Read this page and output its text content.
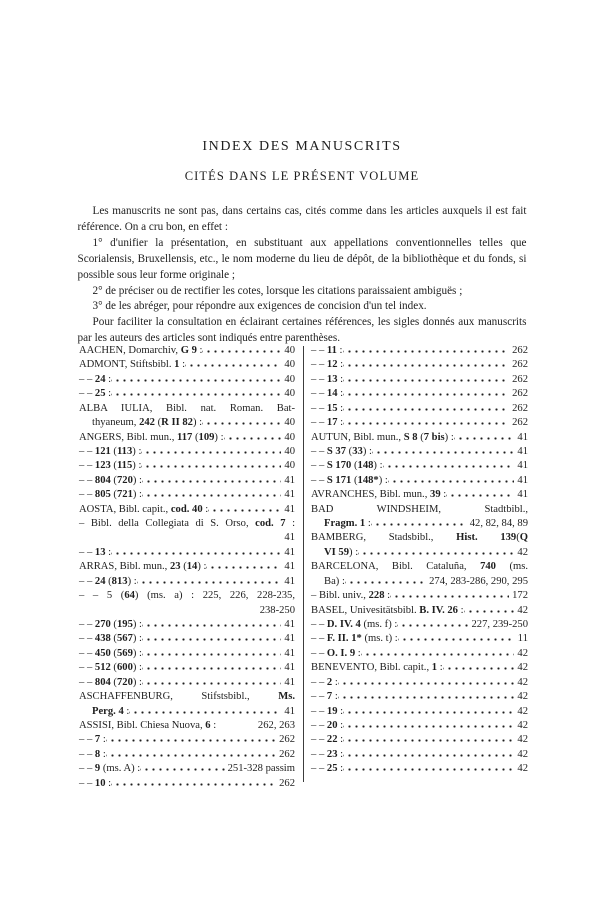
INDEX DES MANUSCRITS
CITÉS DANS LE PRÉSENT VOLUME

Les manuscrits ne sont pas, dans certains cas, cités comme dans les articles auxquels il est fait référence. On a cru bon, en effet :

1° d'unifier la présentation, en substituant aux appellations conventionnelles telles que Scorialensis, Bruxellensis, etc., le nom moderne du lieu de dépôt, de la bibliothèque et du fonds, si possible sous leur forme originale ;

2° de préciser ou de rectifier les cotes, lorsque les citations paraissaient ambiguës ;

3° de les abréger, pour répondre aux exigences de concision d'un tel index.

Pour faciliter la consultation en éclairant certaines références, les sigles donnés aux manuscrits par les auteurs des articles sont indiqués entre parenthèses.

AACHEN, Domarchiv, G 9 :	40
ADMONT, Stiftsbibl. 1 :	40
– – 24 :	40
– – 25 :	40
ALBA IULIA, Bibl. nat. Roman. Bat-
thyaneum, 242 (R II 82) :	40
ANGERS, Bibl. mun., 117 (109) :	40
– – 121 (113) :	40
– – 123 (115) :	40
– – 804 (720) :	41
– – 805 (721) :	41
AOSTA, Bibl. capit., cod. 40 :	41
– Bibl. della Collegiata di S. Orso, cod. 7 :
41
– – 13 :	41
ARRAS, Bibl. mun., 23 (14) :	41
– – 24 (813) :	41
– – 5 (64) (ms. a) : 225, 226, 228-235,
238-250
– – 270 (195) :	41
– – 438 (567) :	41
– – 450 (569) :	41
– – 512 (600) :	41
– – 804 (720) :	41
ASCHAFFENBURG, Stifstsbibl., Ms.
Perg. 4 :	41
ASSISI, Bibl. Chiesa Nuova, 6 :	262, 263
– – 7 :	262
– – 8 :	262
– – 9 (ms. A) :	251-328 passim
– – 10 :	262
– – 11 :	262
– – 12 :	262
– – 13 :	262
– – 14 :	262
– – 15 :	262
– – 17 :	262
AUTUN, Bibl. mun., S 8 (7 bis) :	41
– – S 37 (33) :	41
– – S 170 (148) :	41
– – S 171 (148*) :	41
AVRANCHES, Bibl. mun., 39 :	41
BAD WINDSHEIM, Stadtbibl.,
Fragm. 1 :	42, 82, 84, 89
BAMBERG, Stadsbibl., Hist. 139(Q
VI 59) :	42
BARCELONA, Bibl. Cataluña, 740 (ms.
Ba) :	274, 283-286, 290, 295
– Bibl. univ., 228 :	172
BASEL, Univesitätsbibl. B. IV. 26 :	42
– – D. IV. 4 (ms. f) :	227, 239-250
– – F. II. 1* (ms. t) :	11
– – O. I. 9 :	42
BENEVENTO, Bibl. capit., 1 :	42
– – 2 :	42
– – 7 :	42
– – 19 :	42
– – 20 :	42
– – 22 :	42
– – 23 :	42
– – 25 :	42
